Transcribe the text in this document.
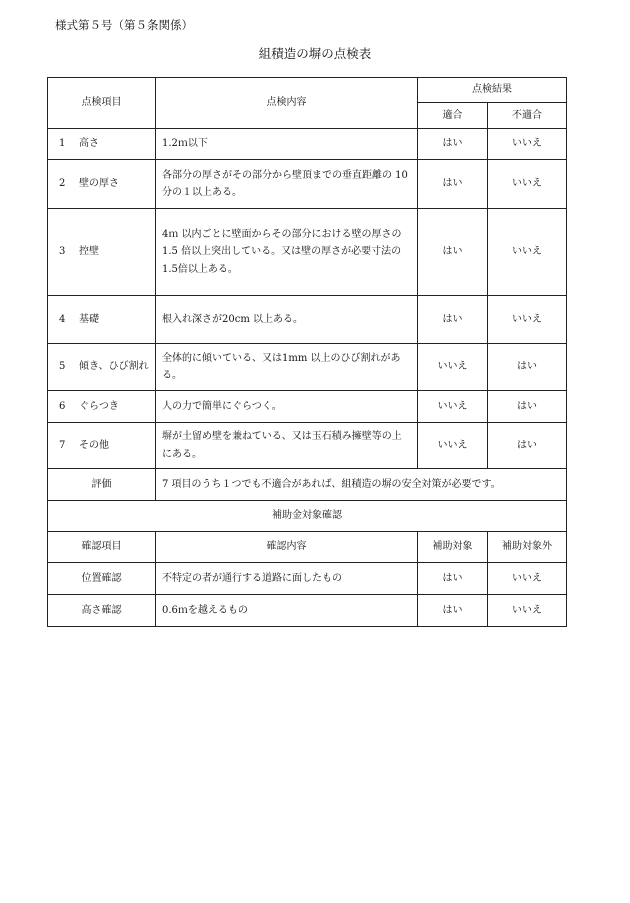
様式第５号（第５条関係）
組積造の塀の点検表
点検項目	点検内容	点検結果	
		適合	不適合
1 高さ	1.2ｍ以下	はい	いいえ
2 壁の厚さ	各部分の厚さがその部分から壁頂までの垂直距離の 10 分の１以上ある。	はい	いいえ
3 控壁	4ｍ 以内ごとに壁面からその部分における壁の厚さの 1.5 倍以上突出している。又は壁の厚さが必要寸法の1.5倍以上ある。	はい	いいえ
4 基礎	根入れ深さが20cm 以上ある。	はい	いいえ
5 傾き、ひび割れ	全体的に傾いている、又は1mm 以上のひび割れがある。	いいえ	はい
6 ぐらつき	人の力で簡単にぐらつく。	いいえ	はい
7 その他	塀が土留め壁を兼ねている、又は玉石積み擁壁等の上にある。	いいえ	はい
評価	7 項目のうち１つでも不適合があれば、組積造の塀の安全対策が必要です。		
補助金対象確認			
確認項目	確認内容	補助対象	補助対象外
位置確認	不特定の者が通行する道路に面したもの	はい	いいえ
高さ確認	0.6ｍを越えるもの	はい	いいえ
